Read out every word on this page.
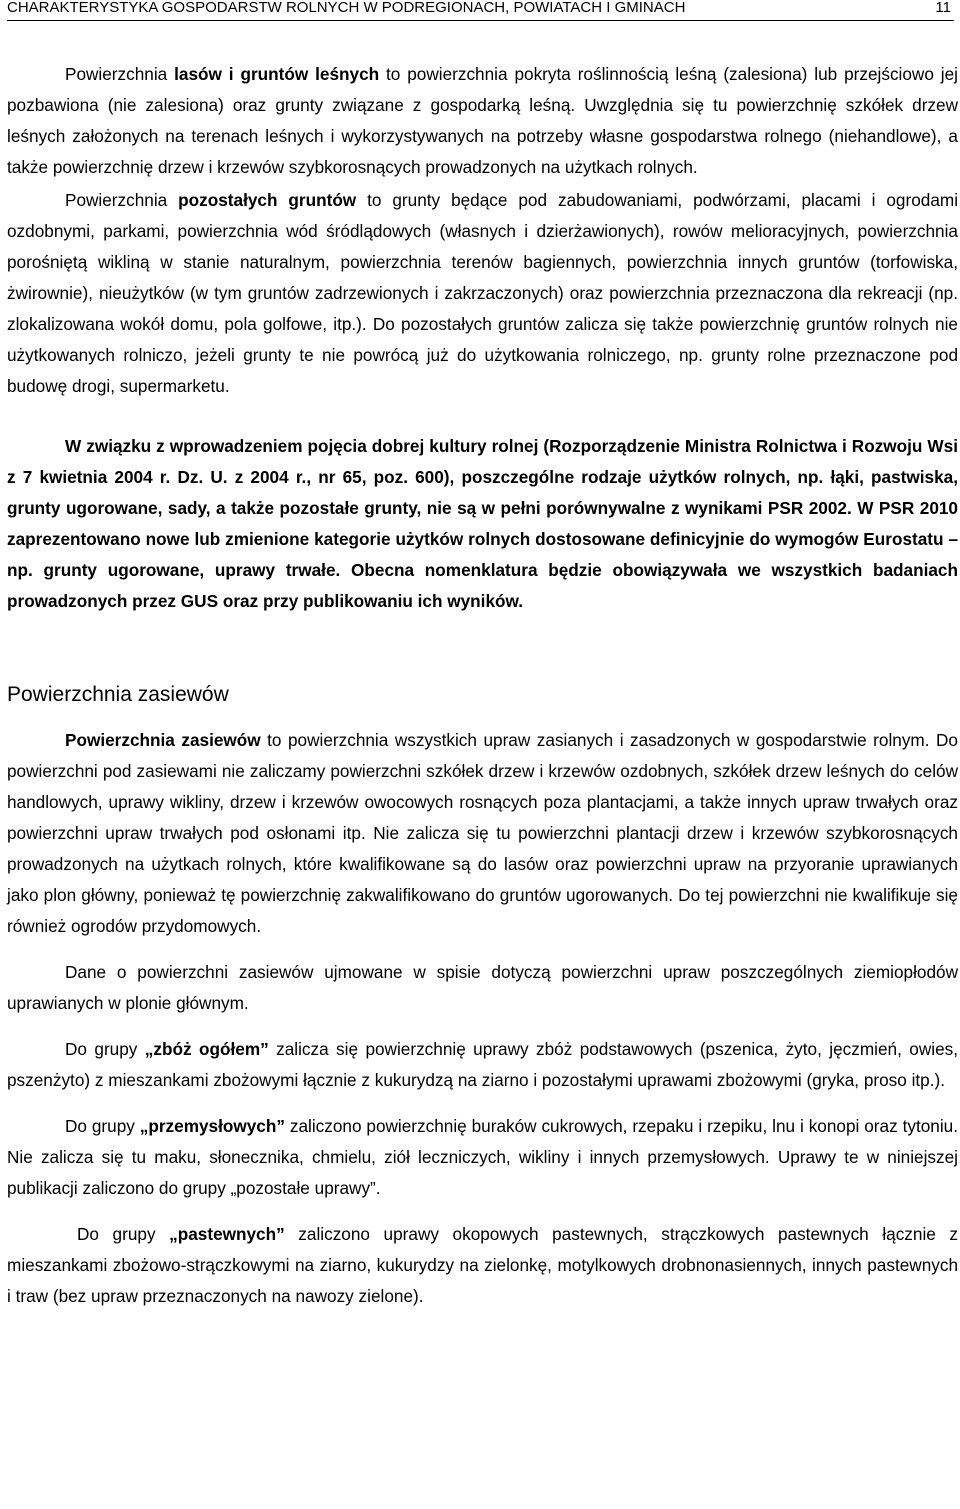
CHARAKTERYSTYKA GOSPODARSTW ROLNYCH W PODREGIONACH, POWIATACH I GMINACH	11

Powierzchnia lasów i gruntów leśnych to powierzchnia pokryta roślinnością leśną (zalesiona) lub przejściowo jej pozbawiona (nie zalesiona) oraz grunty związane z gospodarką leśną. Uwzględnia się tu powierzchnię szkółek drzew leśnych założonych na terenach leśnych i wykorzystywanych na potrzeby własne gospodarstwa rolnego (niehandlowe), a także powierzchnię drzew i krzewów szybkorosnących prowadzonych na użytkach rolnych.

Powierzchnia pozostałych gruntów to grunty będące pod zabudowaniami, podwórzami, placami i ogrodami ozdobnymi, parkami, powierzchnia wód śródlądowych (własnych i dzierżawionych), rowów melioracyjnych, powierzchnia porośniętą wikliną w stanie naturalnym, powierzchnia terenów bagiennych, powierzchnia innych gruntów (torfowiska, żwirownie), nieużytków (w tym gruntów zadrzewionych i zakrzaczonych) oraz powierzchnia przeznaczona dla rekreacji (np. zlokalizowana wokół domu, pola golfowe, itp.). Do pozostałych gruntów zalicza się także powierzchnię gruntów rolnych nie użytkowanych rolniczo, jeżeli grunty te nie powrócą już do użytkowania rolniczego, np. grunty rolne przeznaczone pod budowę drogi, supermarketu.

W związku z wprowadzeniem pojęcia dobrej kultury rolnej (Rozporządzenie Ministra Rolnictwa i Rozwoju Wsi z 7 kwietnia 2004 r. Dz. U. z 2004 r., nr 65, poz. 600), poszczególne rodzaje użytków rolnych, np. łąki, pastwiska, grunty ugorowane, sady, a także pozostałe grunty, nie są w pełni porównywalne z wynikami PSR 2002. W PSR 2010 zaprezentowano nowe lub zmienione kategorie użytków rolnych dostosowane definicyjnie do wymogów Eurostatu – np. grunty ugorowane, uprawy trwałe. Obecna nomenklatura będzie obowiązywała we wszystkich badaniach prowadzonych przez GUS oraz przy publikowaniu ich wyników.

Powierzchnia zasiewów

Powierzchnia zasiewów to powierzchnia wszystkich upraw zasianych i zasadzonych w gospodarstwie rolnym. Do powierzchni pod zasiewami nie zaliczamy powierzchni szkółek drzew i krzewów ozdobnych, szkółek drzew leśnych do celów handlowych, uprawy wikliny, drzew i krzewów owocowych rosnących poza plantacjami, a także innych upraw trwałych oraz powierzchni upraw trwałych pod osłonami itp. Nie zalicza się tu powierzchni plantacji drzew i krzewów szybkorosnących prowadzonych na użytkach rolnych, które kwalifikowane są do lasów oraz powierzchni upraw na przyoranie uprawianych jako plon główny, ponieważ tę powierzchnię zakwalifikowano do gruntów ugorowanych. Do tej powierzchni nie kwalifikuje się również ogrodów przydomowych.

Dane o powierzchni zasiewów ujmowane w spisie dotyczą powierzchni upraw poszczególnych ziemiopłodów uprawianych w plonie głównym.

Do grupy „zbóż ogółem” zalicza się powierzchnię uprawy zbóż podstawowych (pszenica, żyto, jęczmień, owies, pszenżyto) z mieszankami zbożowymi łącznie z kukurydzą na ziarno i pozostałymi uprawami zbożowymi (gryka, proso itp.).

Do grupy „przemysłowych” zaliczono powierzchnię buraków cukrowych, rzepaku i rzepiku, lnu i konopi oraz tytoniu. Nie zalicza się tu maku, słonecznika, chmielu, ziół leczniczych, wikliny i innych przemysłowych. Uprawy te w niniejszej publikacji zaliczono do grupy „pozostałe uprawy”.

Do grupy „pastewnych” zaliczono uprawy okopowych pastewnych, strączkowych pastewnych łącznie z mieszankami zbożowo-strączkowymi na ziarno, kukurydzy na zielonkę, motylkowych drobnonasiennych, innych pastewnych i traw (bez upraw przeznaczonych na nawozy zielone).
